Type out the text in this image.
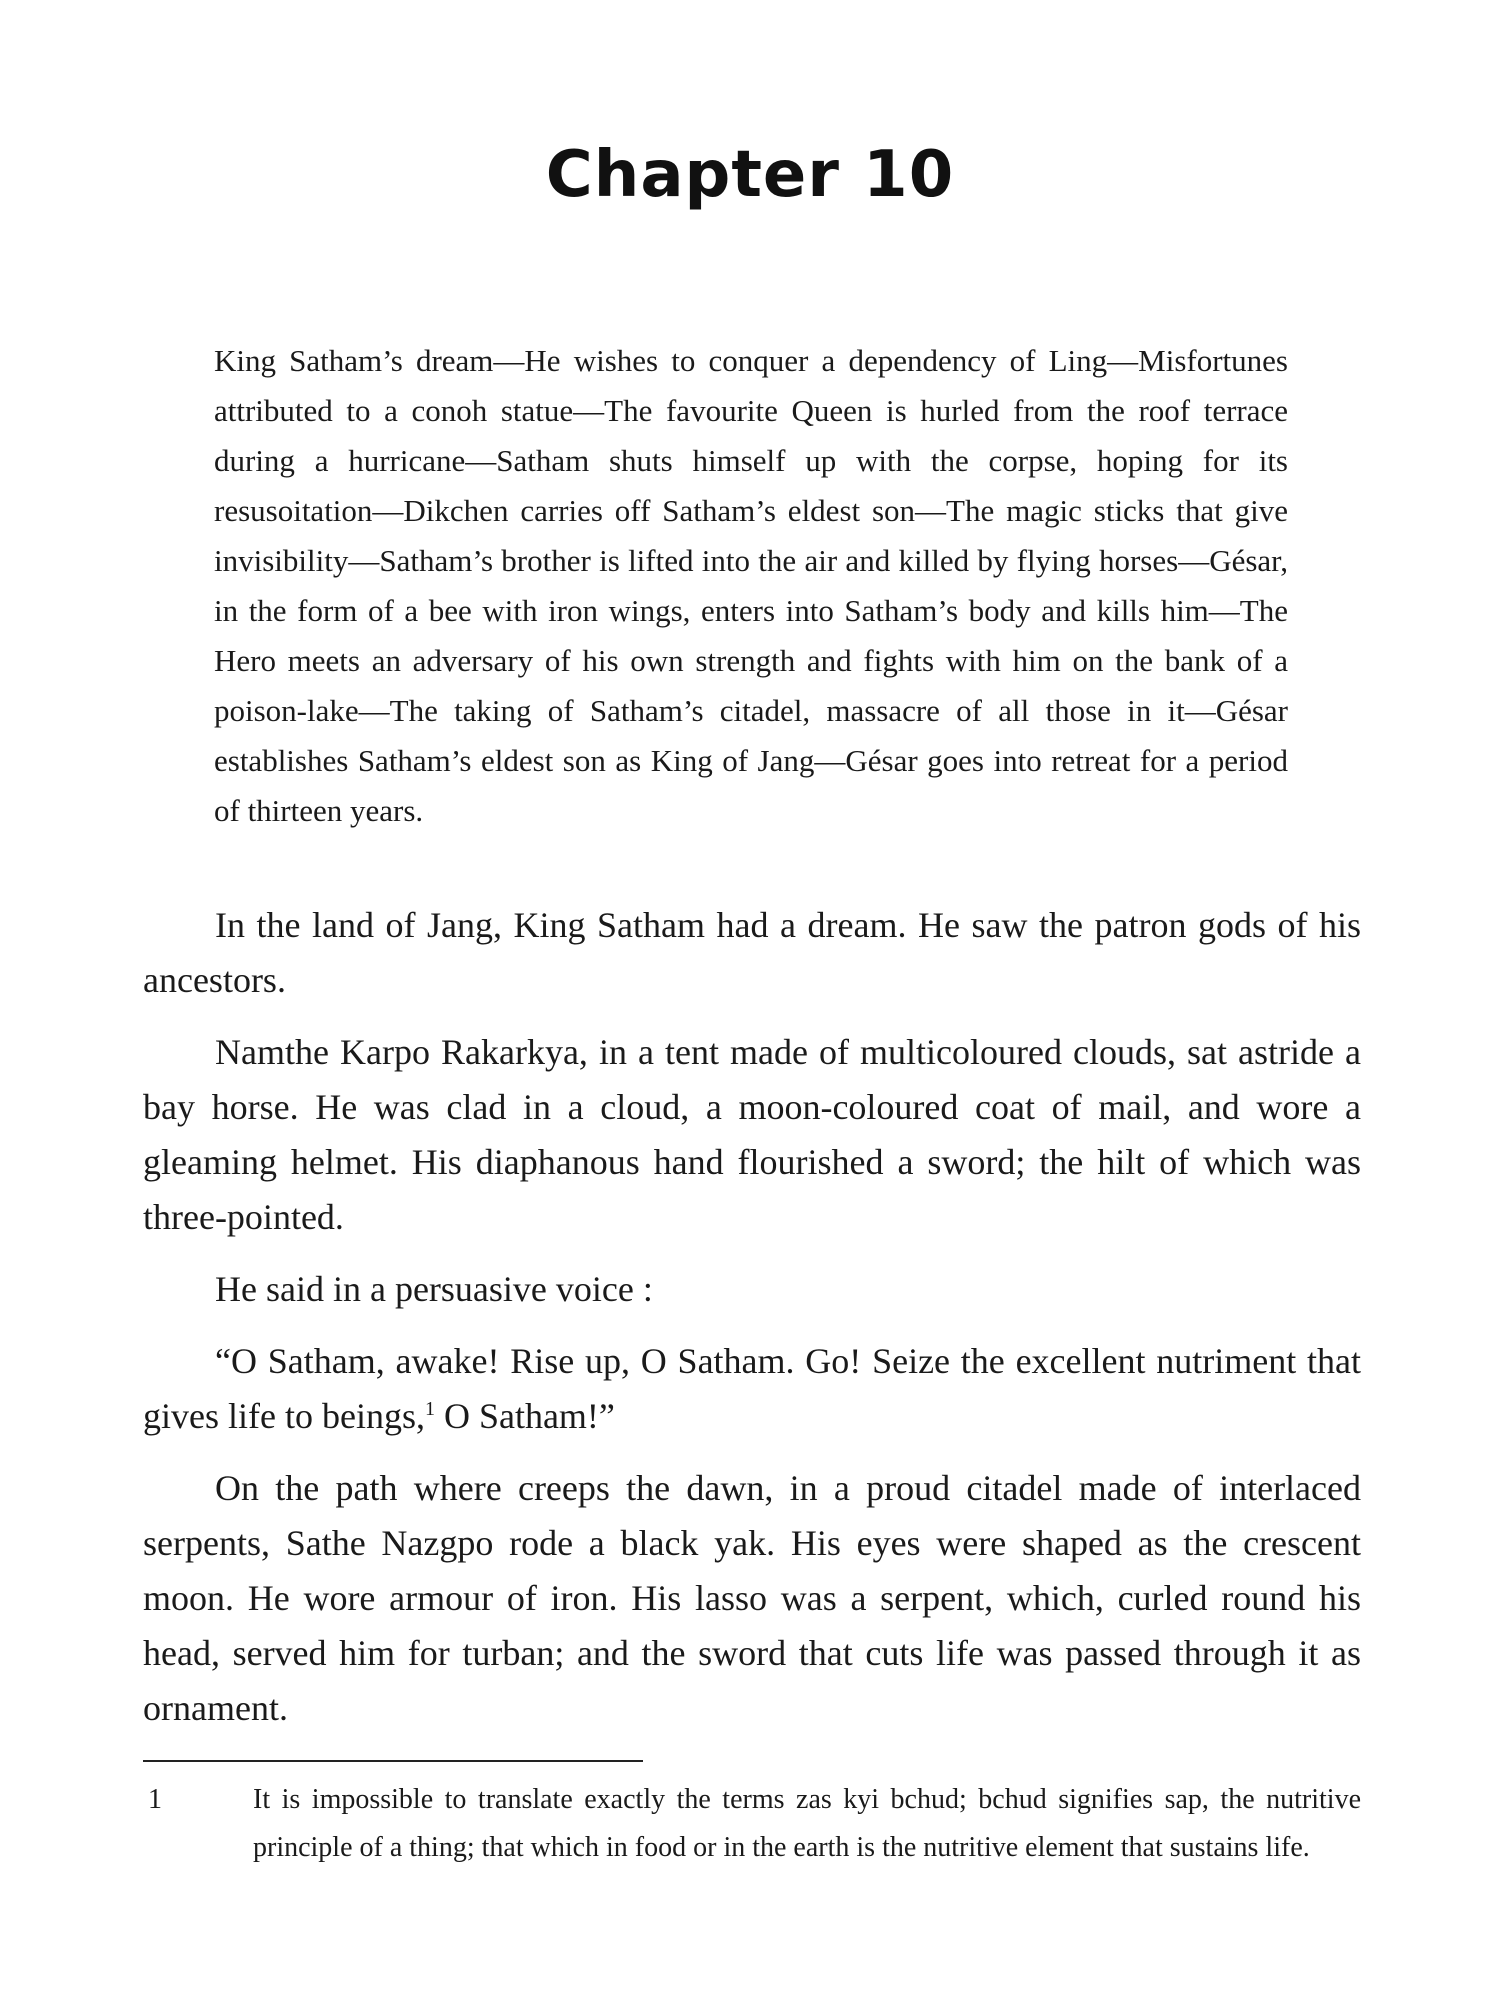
Chapter 10

King Satham’s dream—He wishes to conquer a dependency of Ling—Misfortunes attributed to a conoh statue—The favourite Queen is hurled from the roof terrace during a hurricane—Satham shuts himself up with the corpse, hoping for its resusoitation—Dikchen carries off Satham’s eldest son—The magic sticks that give invisibility—Satham’s brother is lifted into the air and killed by flying horses—Gésar, in the form of a bee with iron wings, enters into Satham’s body and kills him—The Hero meets an adversary of his own strength and fights with him on the bank of a poison-lake—The taking of Satham’s citadel, massacre of all those in it—Gésar establishes Satham’s eldest son as King of Jang—Gésar goes into retreat for a period of thirteen years.

In the land of Jang, King Satham had a dream. He saw the patron gods of his ancestors.

Namthe Karpo Rakarkya, in a tent made of multicoloured clouds, sat astride a bay horse. He was clad in a cloud, a moon-coloured coat of mail, and wore a gleaming helmet. His diaphanous hand flourished a sword; the hilt of which was three-pointed.

He said in a persuasive voice :

“O Satham, awake! Rise up, O Satham. Go! Seize the excellent nutriment that gives life to beings,$^1$ O Satham!”

On the path where creeps the dawn, in a proud citadel made of interlaced serpents, Sathe Nazgpo rode a black yak. His eyes were shaped as the crescent moon. He wore armour of iron. His lasso was a serpent, which, curled round his head, served him for turban; and the sword that cuts life was passed through it as ornament.

1	It is impossible to translate exactly the terms zas kyi bchud; bchud signifies sap, the nutritive principle of a thing; that which in food or in the earth is the nutritive element that sustains life.
